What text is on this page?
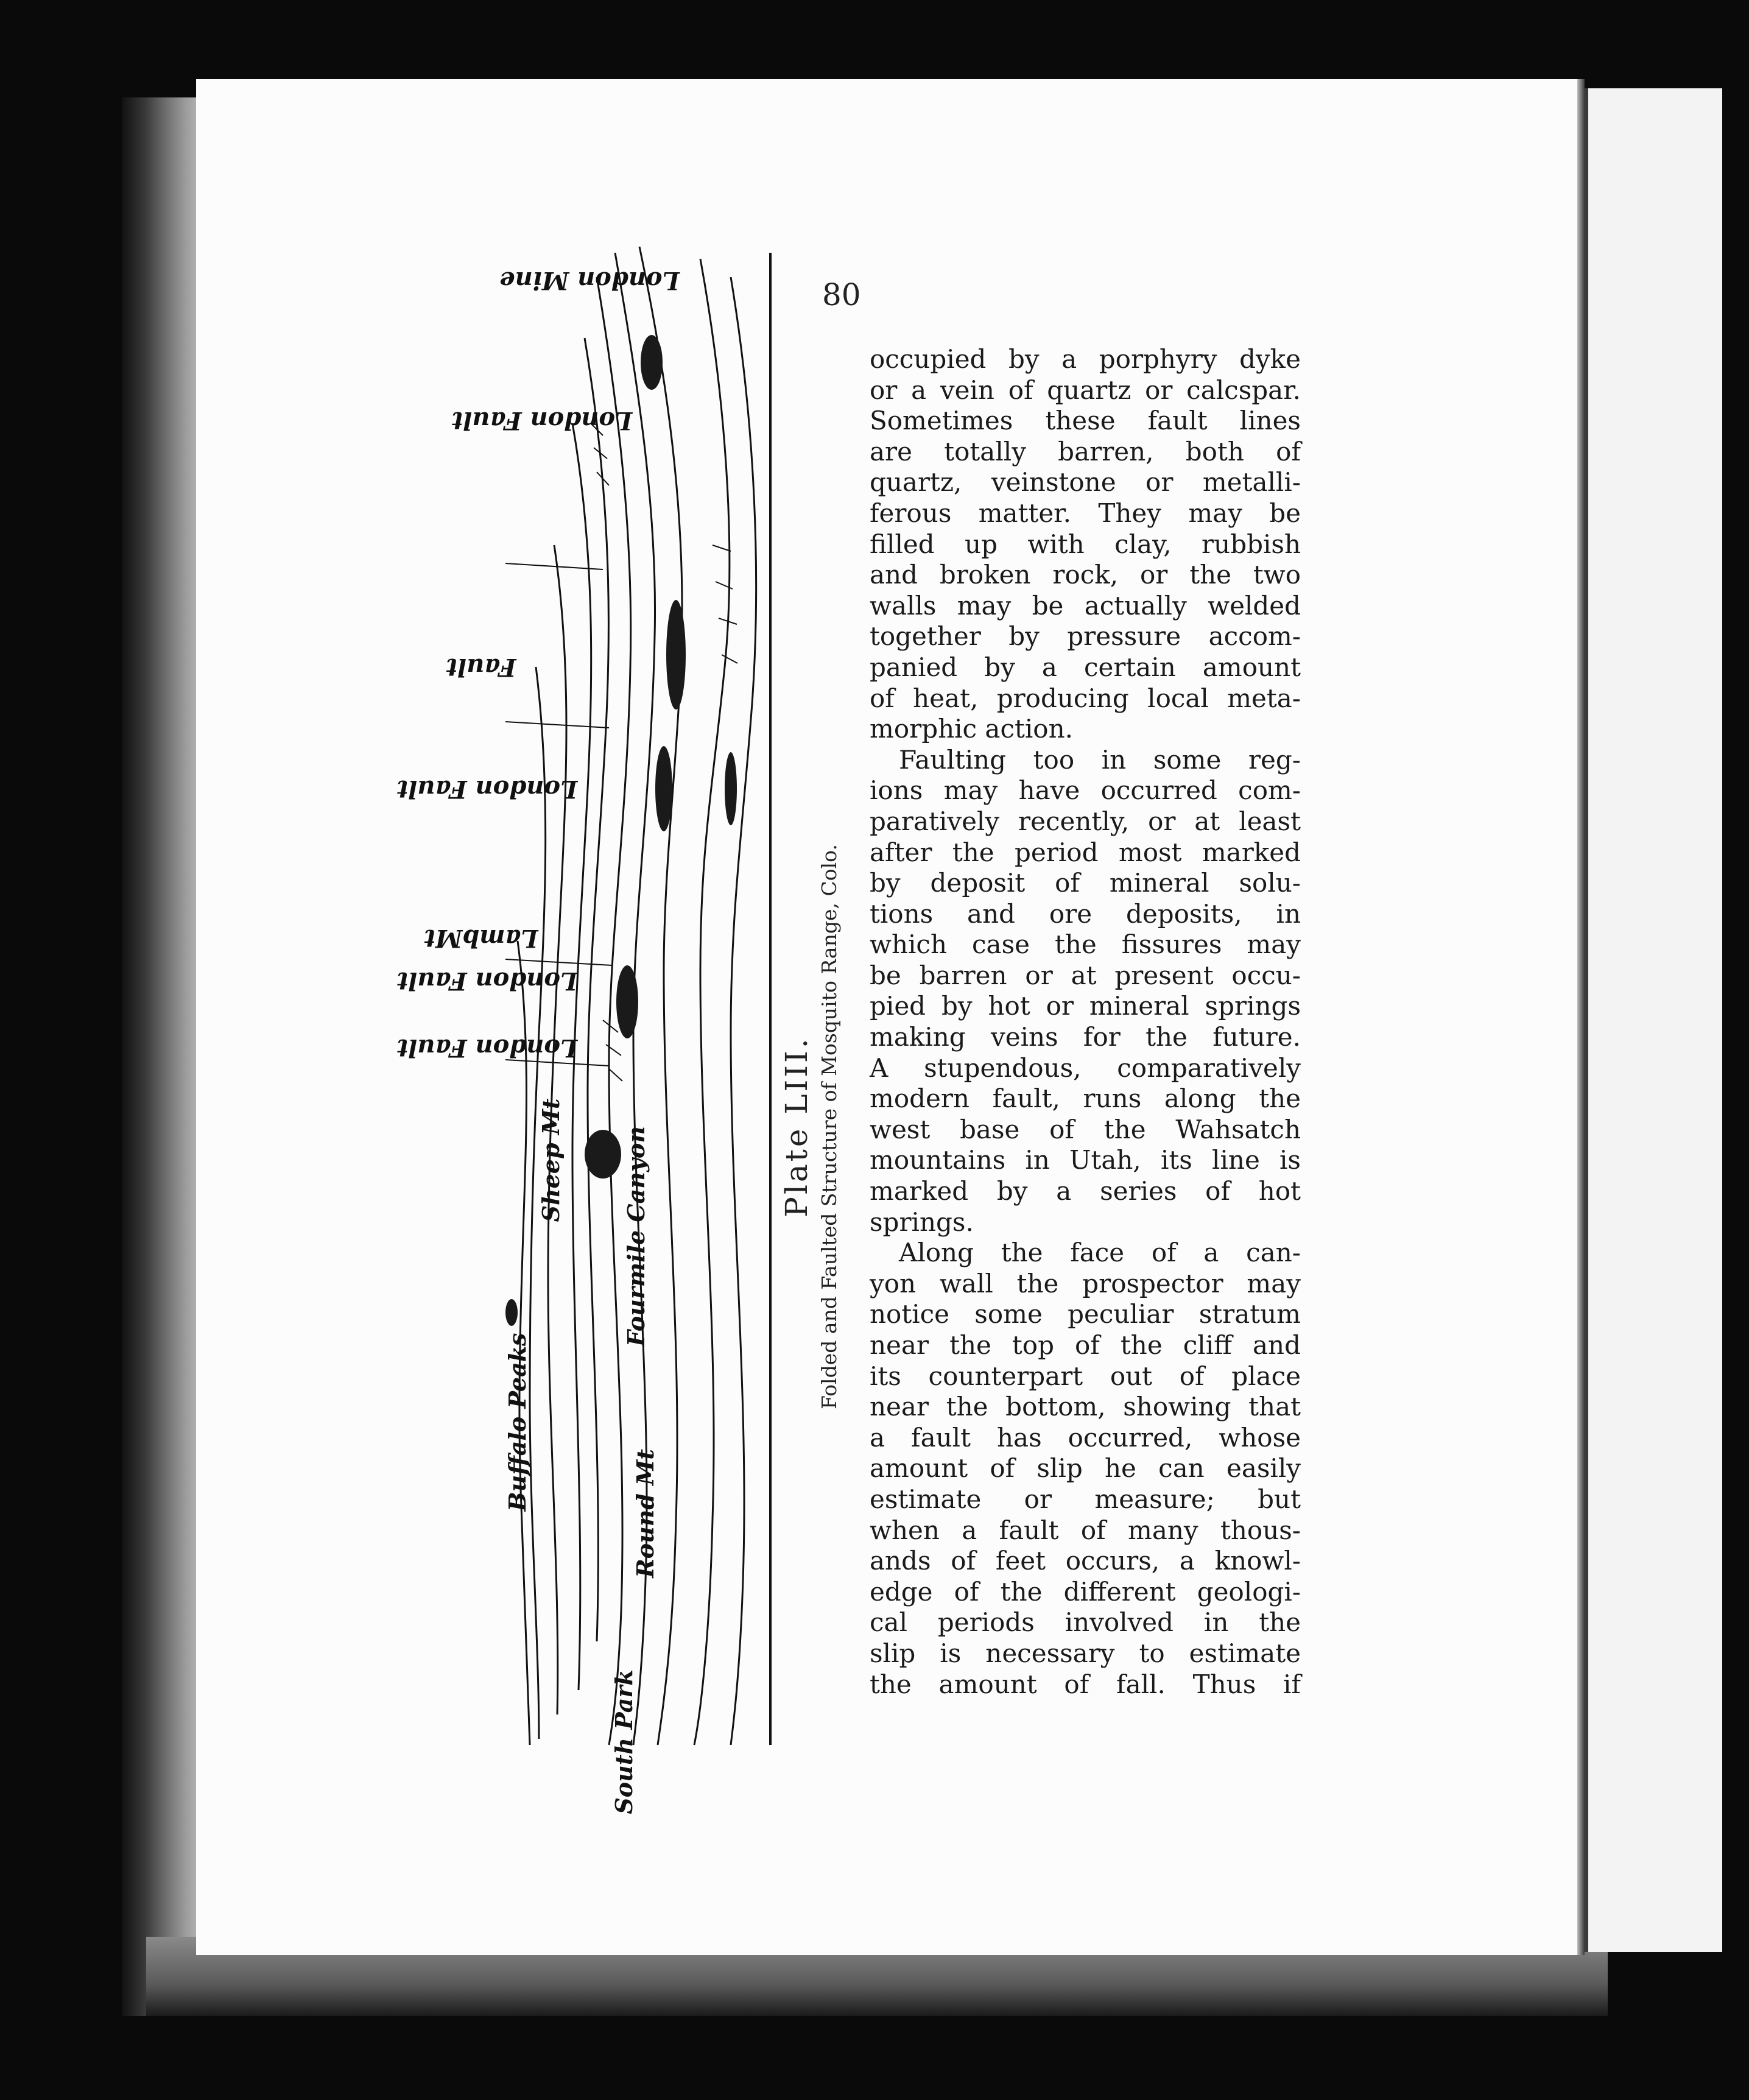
London Mine
London Fault
Fault
London Fault
LambMt
London Fault
London Fault
Sheep Mt	Fourmile Canyon
Buffalo Peaks
Round Mt
South Park
Plate LIII. Folded and Faulted Structure of Mosquito Range, Colo.
80
occupied by a porphyry dyke
or a vein of quartz or calcspar.
Sometimes these fault lines
are totally barren, both of
quartz, veinstone or metalli-
ferous matter. They may be
filled up with clay, rubbish
and broken rock, or the two
walls may be actually welded
together by pressure accom-
panied by a certain amount
of heat, producing local meta-
morphic action.
Faulting too in some reg-
ions may have occurred com-
paratively recently, or at least
after the period most marked
by deposit of mineral solu-
tions and ore deposits, in
which case the fissures may
be barren or at present occu-
pied by hot or mineral springs
making veins for the future.
A stupendous, comparatively
modern fault, runs along the
west base of the Wahsatch
mountains in Utah, its line is
marked by a series of hot
springs.
Along the face of a can-
yon wall the prospector may
notice some peculiar stratum
near the top of the cliff and
its counterpart out of place
near the bottom, showing that
a fault has occurred, whose
amount of slip he can easily
estimate or measure; but
when a fault of many thous-
ands of feet occurs, a knowl-
edge of the different geologi-
cal periods involved in the
slip is necessary to estimate
the amount of fall. Thus if
